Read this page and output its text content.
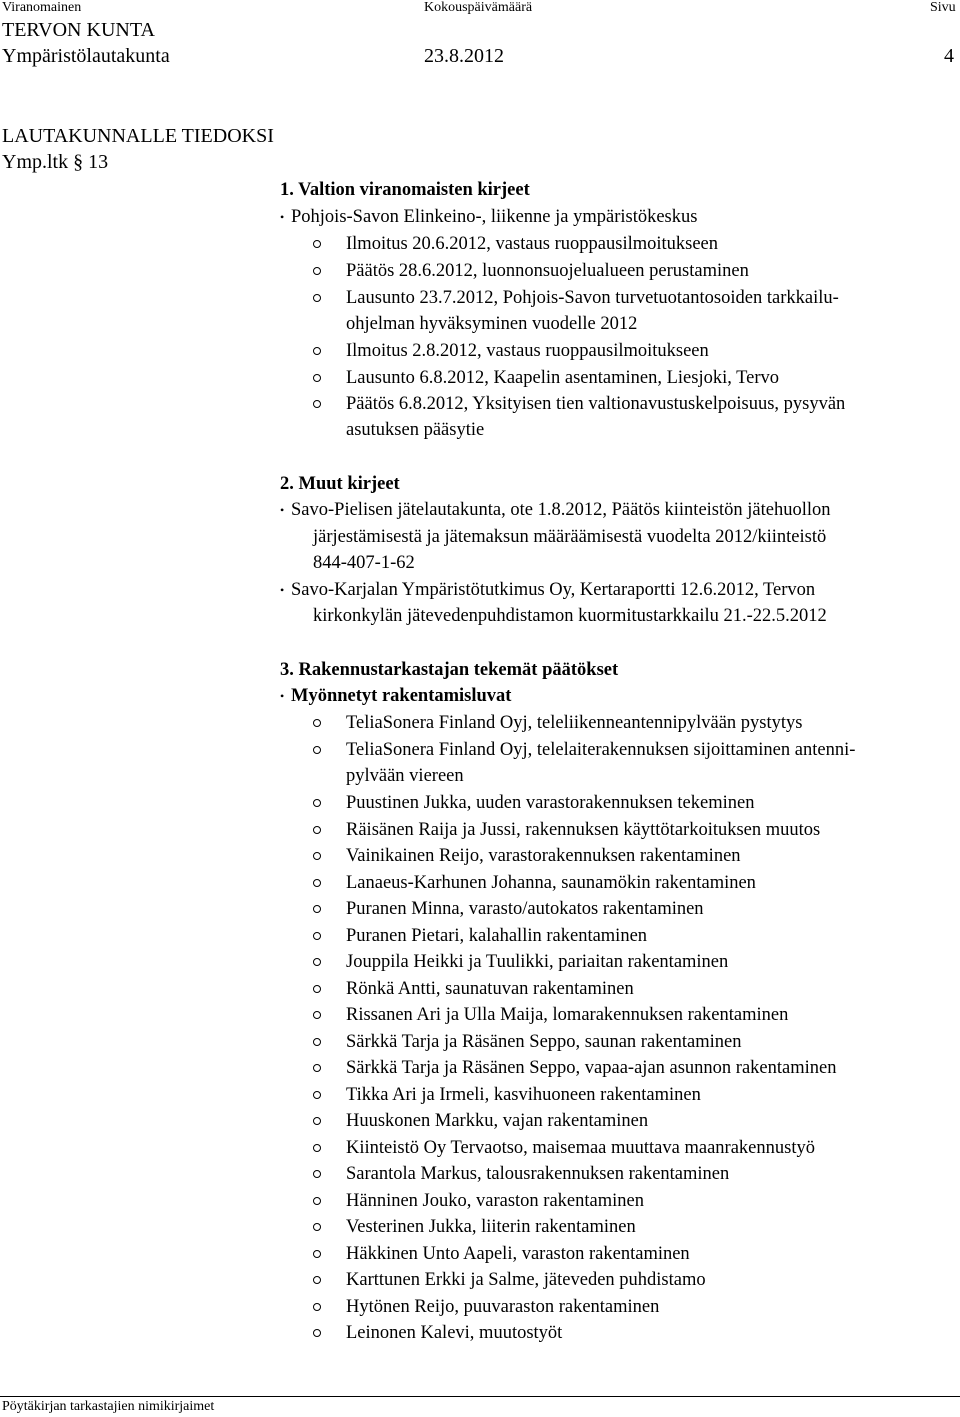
Viranomainen	Kokouspäivämäärä	Sivu
TERVON KUNTA
Ympäristölautakunta	23.8.2012	4
LAUTAKUNNALLE TIEDOKSI
Ymp.ltk § 13
1. Valtion viranomaisten kirjeet
• Pohjois-Savon Elinkeino-, liikenne ja ympäristökeskus
Ilmoitus 20.6.2012, vastaus ruoppausilmoitukseen
Päätös 28.6.2012, luonnonsuojelualueen perustaminen
Lausunto 23.7.2012, Pohjois-Savon turvetuotantosoiden tarkkailu-
ohjelman hyväksyminen vuodelle 2012
Ilmoitus 2.8.2012, vastaus ruoppausilmoitukseen
Lausunto 6.8.2012, Kaapelin asentaminen, Liesjoki, Tervo
Päätös 6.8.2012, Yksityisen tien valtionavustuskelpoisuus, pysyvän
asutuksen pääsytie
2. Muut kirjeet
• Savo-Pielisen jätelautakunta, ote 1.8.2012, Päätös kiinteistön jätehuollon
järjestämisestä ja jätemaksun määräämisestä vuodelta 2012/kiinteistö
844-407-1-62
• Savo-Karjalan Ympäristötutkimus Oy, Kertaraportti 12.6.2012, Tervon
kirkonkylän jätevedenpuhdistamon kuormitustarkkailu 21.-22.5.2012
3. Rakennustarkastajan tekemät päätökset
• Myönnetyt rakentamisluvat
TeliaSonera Finland Oyj, teleliikenneantennipylvään pystytys
TeliaSonera Finland Oyj, telelaiterakennuksen sijoittaminen antenni-
pylvään viereen
Puustinen Jukka, uuden varastorakennuksen tekeminen
Räisänen Raija ja Jussi, rakennuksen käyttötarkoituksen muutos
Vainikainen Reijo, varastorakennuksen rakentaminen
Lanaeus-Karhunen Johanna, saunamökin rakentaminen
Puranen Minna, varasto/autokatos rakentaminen
Puranen Pietari, kalahallin rakentaminen
Jouppila Heikki ja Tuulikki, pariaitan rakentaminen
Rönkä Antti, saunatuvan rakentaminen
Rissanen Ari ja Ulla Maija, lomarakennuksen rakentaminen
Särkkä Tarja ja Räsänen Seppo, saunan rakentaminen
Särkkä Tarja ja Räsänen Seppo, vapaa-ajan asunnon rakentaminen
Tikka Ari ja Irmeli, kasvihuoneen rakentaminen
Huuskonen Markku, vajan rakentaminen
Kiinteistö Oy Tervaotso, maisemaa muuttava maanrakennustyö
Sarantola Markus, talousrakennuksen rakentaminen
Hänninen Jouko, varaston rakentaminen
Vesterinen Jukka, liiterin rakentaminen
Häkkinen Unto Aapeli, varaston rakentaminen
Karttunen Erkki ja Salme, jäteveden puhdistamo
Hytönen Reijo, puuvaraston rakentaminen
Leinonen Kalevi, muutostyöt
Pöytäkirjan tarkastajien nimikirjaimet
